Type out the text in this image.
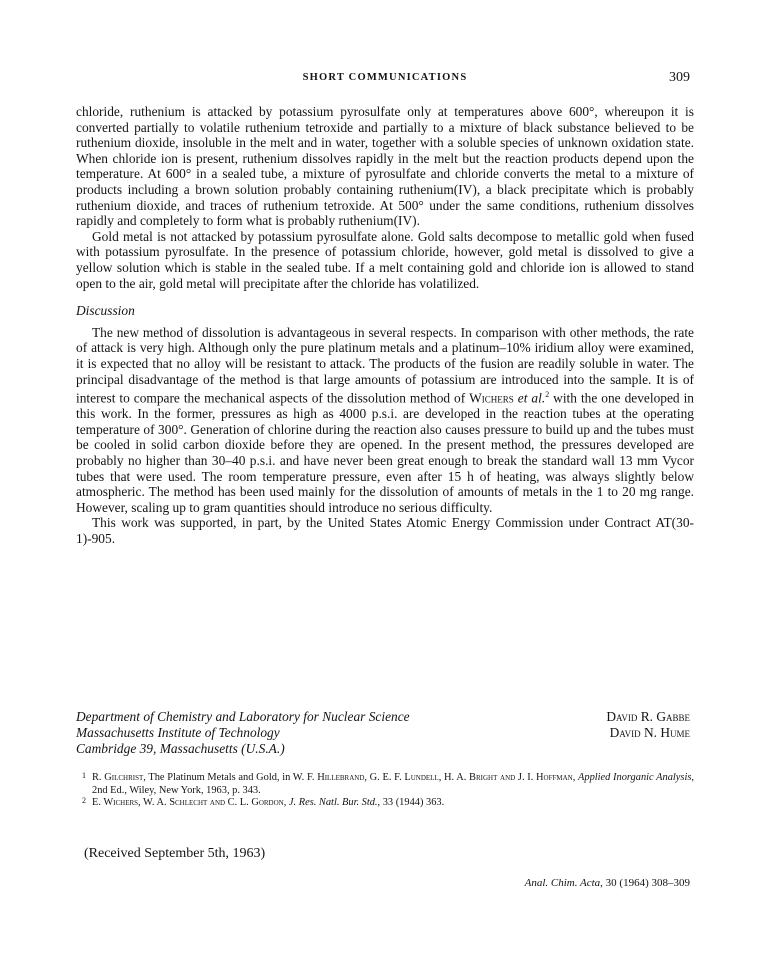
SHORT COMMUNICATIONS	309

chloride, ruthenium is attacked by potassium pyrosulfate only at temperatures above 600°, whereupon it is converted partially to volatile ruthenium tetroxide and partially to a mixture of black substance believed to be ruthenium dioxide, insoluble in the melt and in water, together with a soluble species of unknown oxidation state. When chloride ion is present, ruthenium dissolves rapidly in the melt but the reaction products depend upon the temperature. At 600° in a sealed tube, a mixture of pyrosulfate and chloride converts the metal to a mixture of products including a brown solution probably containing ruthenium(IV), a black precipitate which is probably ruthenium dioxide, and traces of ruthenium tetroxide. At 500° under the same conditions, ruthenium dissolves rapidly and completely to form what is probably ruthenium(IV).

Gold metal is not attacked by potassium pyrosulfate alone. Gold salts decompose to metallic gold when fused with potassium pyrosulfate. In the presence of potassium chloride, however, gold metal is dissolved to give a yellow solution which is stable in the sealed tube. If a melt containing gold and chloride ion is allowed to stand open to the air, gold metal will precipitate after the chloride has volatilized.

Discussion

The new method of dissolution is advantageous in several respects. In comparison with other methods, the rate of attack is very high. Although only the pure platinum metals and a platinum–10% iridium alloy were examined, it is expected that no alloy will be resistant to attack. The products of the fusion are readily soluble in water. The principal disadvantage of the method is that large amounts of potassium are introduced into the sample. It is of interest to compare the mechanical aspects of the dissolution method of Wichers et al.$^2$ with the one developed in this work. In the former, pressures as high as 4000 p.s.i. are developed in the reaction tubes at the operating temperature of 300°. Generation of chlorine during the reaction also causes pressure to build up and the tubes must be cooled in solid carbon dioxide before they are opened. In the present method, the pressures developed are probably no higher than 30–40 p.s.i. and have never been great enough to break the standard wall 13 mm Vycor tubes that were used. The room temperature pressure, even after 15 h of heating, was always slightly below atmospheric. The method has been used mainly for the dissolution of amounts of metals in the 1 to 20 mg range. However, scaling up to gram quantities should introduce no serious difficulty.

This work was supported, in part, by the United States Atomic Energy Commission under Contract AT(30-1)-905.

Department of Chemistry and Laboratory for Nuclear Science
Massachusetts Institute of Technology
Cambridge 39, Massachusetts (U.S.A.)
David R. Gabbe
David N. Hume

1 R. Gilchrist, The Platinum Metals and Gold, in W. F. Hillebrand, G. E. F. Lundell, H. A. Bright and J. I. Hoffman, Applied Inorganic Analysis, 2nd Ed., Wiley, New York, 1963, p. 343.

2 E. Wichers, W. A. Schlecht and C. L. Gordon, J. Res. Natl. Bur. Std., 33 (1944) 363.

(Received September 5th, 1963)
Anal. Chim. Acta, 30 (1964) 308–309
